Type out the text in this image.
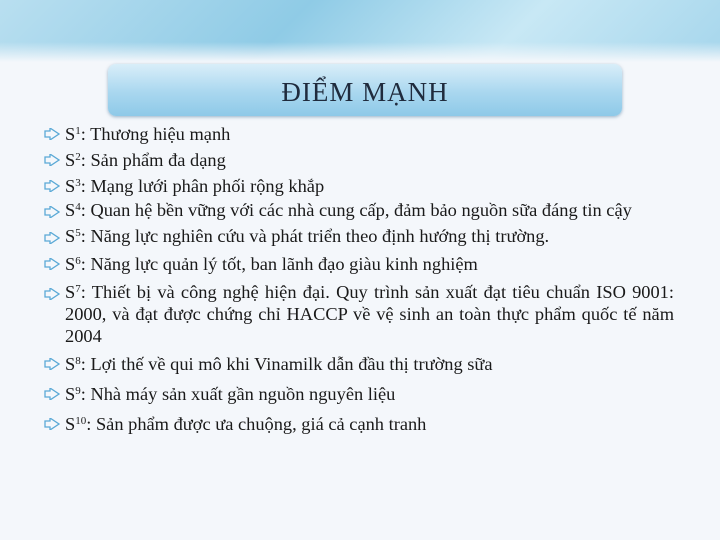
ĐIỂM MẠNH
$S^1$: Thương hiệu mạnh
$S^2$: Sản phẩm đa dạng
$S^3$: Mạng lưới phân phối rộng khắp
$S^4$: Quan hệ bền vững với các nhà cung cấp, đảm bảo nguồn sữa đáng tin cậy
$S^5$: Năng lực nghiên cứu và phát triển theo định hướng thị trường.
$S^6$: Năng lực quản lý tốt, ban lãnh đạo giàu kinh nghiệm
$S^7$: Thiết bị và công nghệ hiện đại. Quy trình sản xuất đạt tiêu chuẩn ISO 9001: 2000, và đạt được chứng chỉ HACCP về vệ sinh an toàn thực phẩm quốc tế năm 2004
$S^8$: Lợi thế về qui mô khi Vinamilk dẫn đầu thị trường sữa
$S^9$: Nhà máy sản xuất gần nguồn nguyên liệu
$S^{10}$: Sản phẩm được ưa chuộng, giá cả cạnh tranh
